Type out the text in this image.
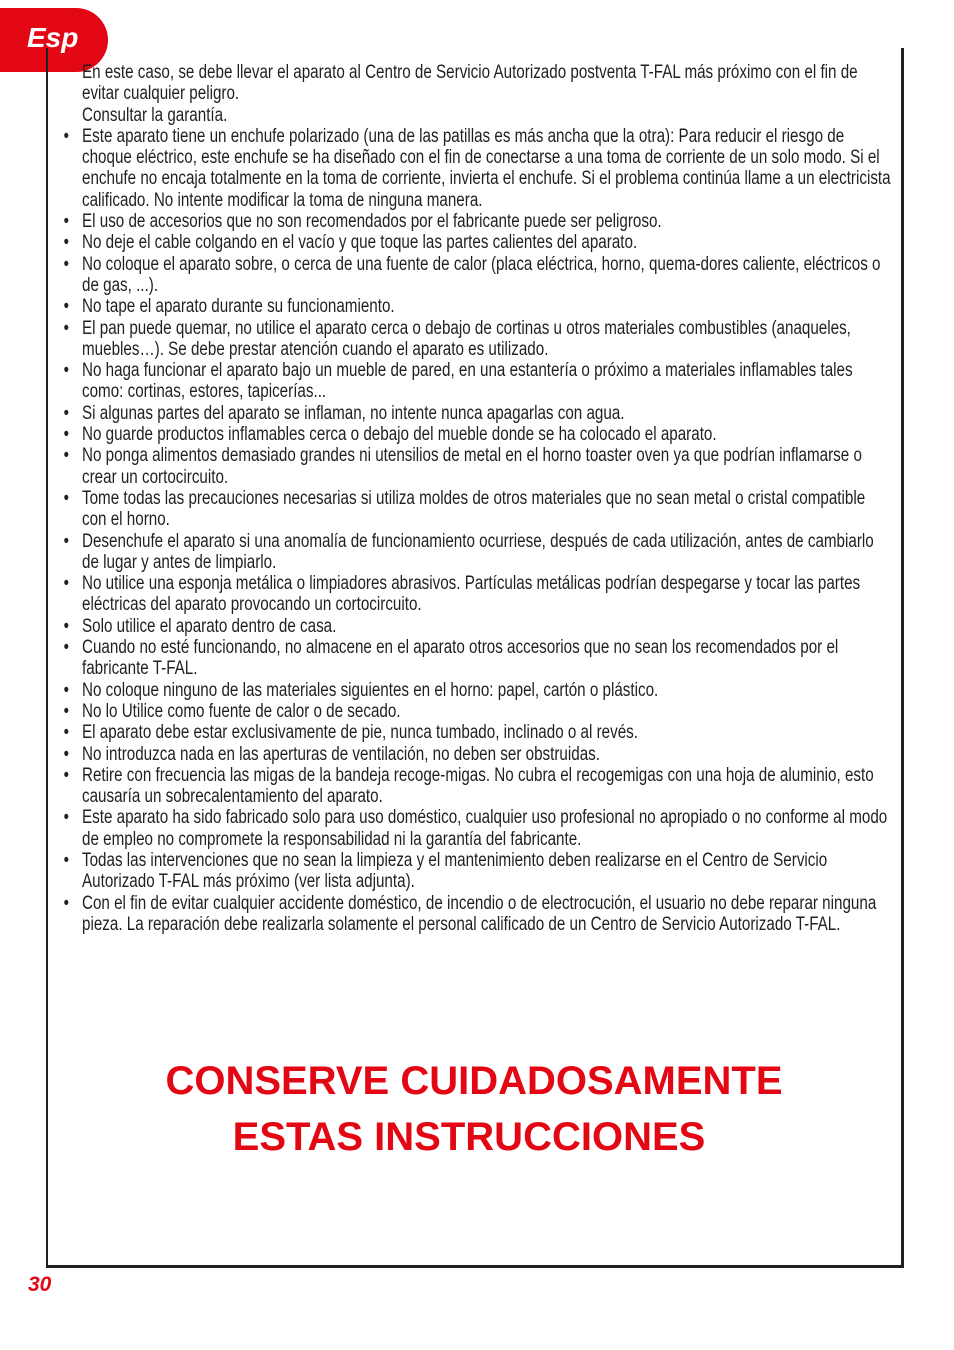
Esp

En este caso, se debe llevar el aparato al Centro de Servicio Autorizado postventa T-FAL más próximo con el fin de evitar cualquier peligro.

Consultar la garantía.

• Este aparato tiene un enchufe polarizado (una de las patillas es más ancha que la otra): Para reducir el riesgo de choque eléctrico, este enchufe se ha diseñado con el fin de conectarse a una toma de corriente de un solo modo. Si el enchufe no encaja totalmente en la toma de corriente, invierta el enchufe. Si el problema continúa llame a un electricista calificado. No intente modificar la toma de ninguna manera.
• El uso de accesorios que no son recomendados por el fabricante puede ser peligroso.
• No deje el cable colgando en el vacío y que toque las partes calientes del aparato.
• No coloque el aparato sobre, o cerca de una fuente de calor (placa eléctrica, horno, quema-dores caliente, eléctricos o de gas, ...).
• No tape el aparato durante su funcionamiento.
• El pan puede quemar, no utilice el aparato cerca o debajo de cortinas u otros materiales combustibles (anaqueles, muebles…). Se debe prestar atención cuando el aparato es utilizado.
• No haga funcionar el aparato bajo un mueble de pared, en una estantería o próximo a materiales inflamables tales como: cortinas, estores, tapicerías...
• Si algunas partes del aparato se inflaman, no intente nunca apagarlas con agua.
• No guarde productos inflamables cerca o debajo del mueble donde se ha colocado el aparato.
• No ponga alimentos demasiado grandes ni utensilios de metal en el horno toaster oven ya que podrían inflamarse o crear un cortocircuito.
• Tome todas las precauciones necesarias si utiliza moldes de otros materiales que no sean metal o cristal compatible con el horno.
• Desenchufe el aparato si una anomalía de funcionamiento ocurriese, después de cada utilización, antes de cambiarlo de lugar y antes de limpiarlo.
• No utilice una esponja metálica o limpiadores abrasivos. Partículas metálicas podrían despegarse y tocar las partes eléctricas del aparato provocando un cortocircuito.
• Solo utilice el aparato dentro de casa.
• Cuando no esté funcionando, no almacene en el aparato otros accesorios que no sean los recomendados por el fabricante T-FAL.
• No coloque ninguno de las materiales siguientes en el horno: papel, cartón o plástico.
• No lo Utilice como fuente de calor o de secado.
• El aparato debe estar exclusivamente de pie, nunca tumbado, inclinado o al revés.
• No introduzca nada en las aperturas de ventilación, no deben ser obstruidas.
• Retire con frecuencia las migas de la bandeja recoge-migas. No cubra el recogemigas con una hoja de aluminio, esto causaría un sobrecalentamiento del aparato.
• Este aparato ha sido fabricado solo para uso doméstico, cualquier uso profesional no apropiado o no conforme al modo de empleo no compromete la responsabilidad ni la garantía del fabricante.
• Todas las intervenciones que no sean la limpieza y el mantenimiento deben realizarse en el Centro de Servicio Autorizado T-FAL más próximo (ver lista adjunta).
• Con el fin de evitar cualquier accidente doméstico, de incendio o de electrocución, el usuario no debe reparar ninguna pieza. La reparación debe realizarla solamente el personal calificado de un Centro de Servicio Autorizado T-FAL.

CONSERVE CUIDADOSAMENTE

ESTAS INSTRUCCIONES

30
